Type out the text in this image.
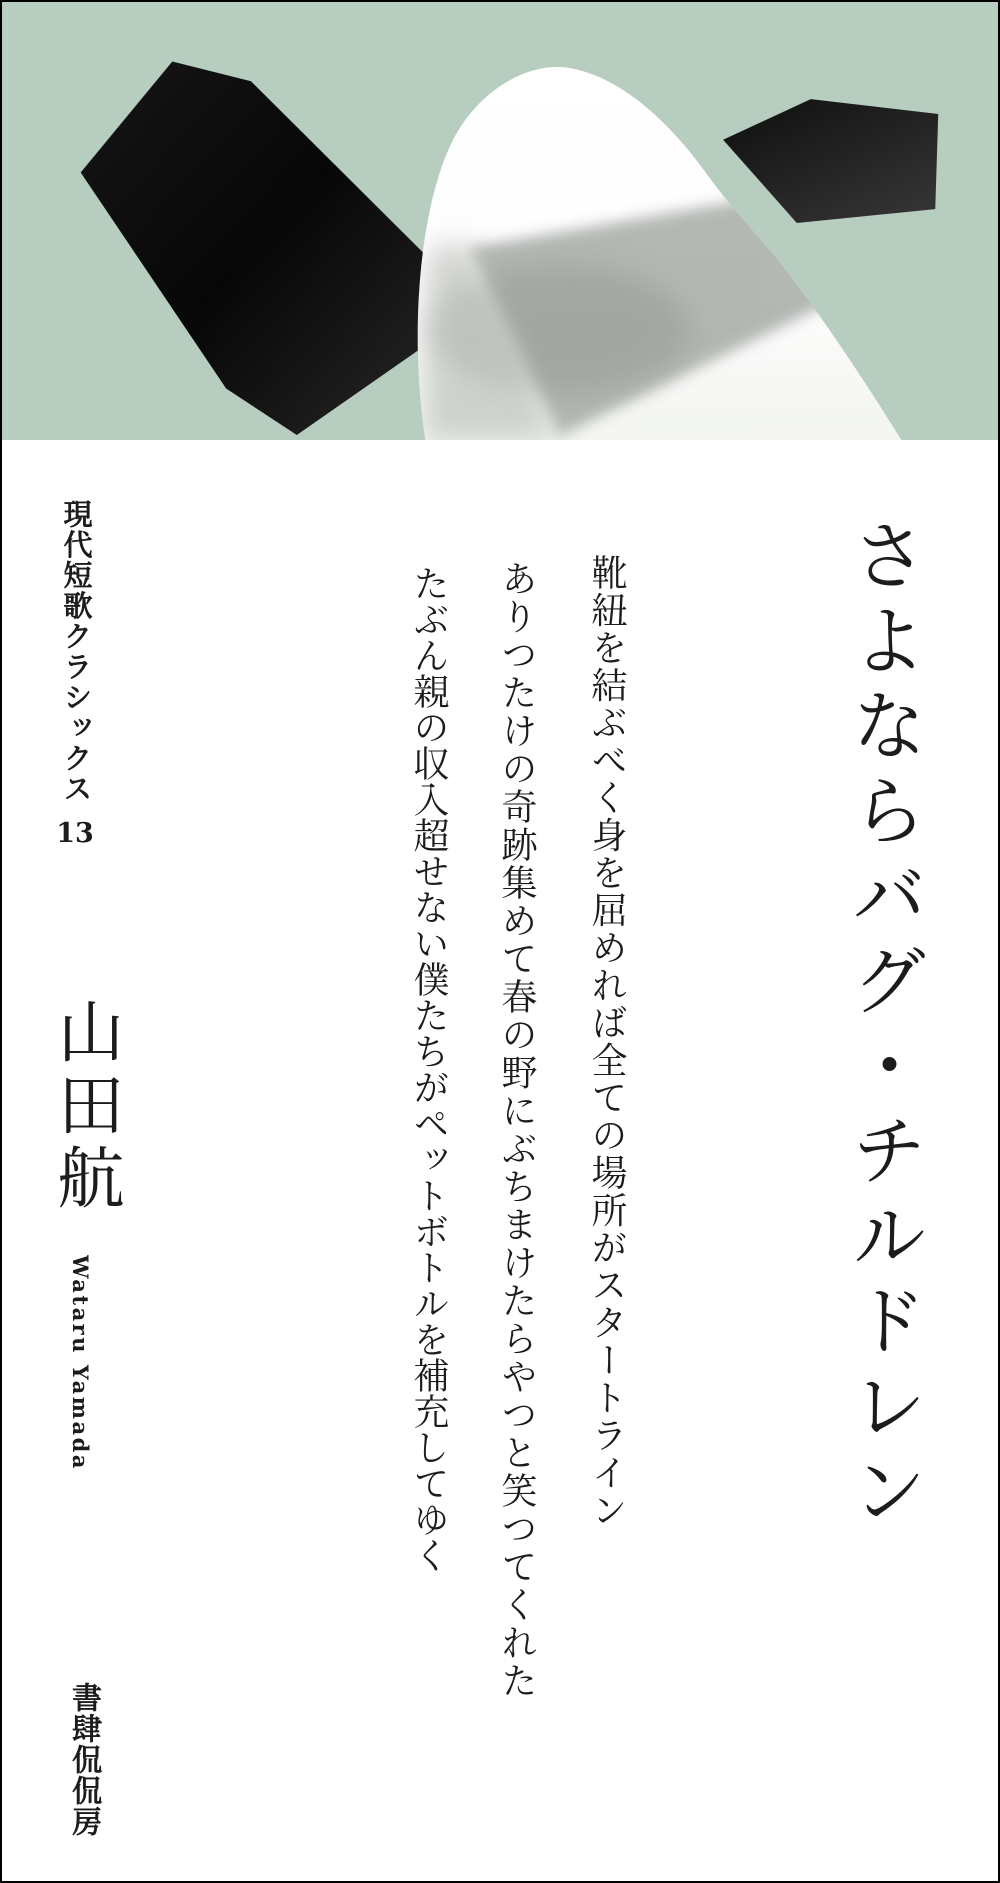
現代短歌クラシックス
13	さよならバグ・チルドレン
靴紐を結ぶべく身を屈めれば全ての場所がスタートライン
ありつたけの奇跡集めて春の野にぶちまけたらやつと笑つてくれた
たぶん親の収入超せない僕たちがペットボトルを補充してゆく
山田航
Wataru Yamada
書肆侃侃房
